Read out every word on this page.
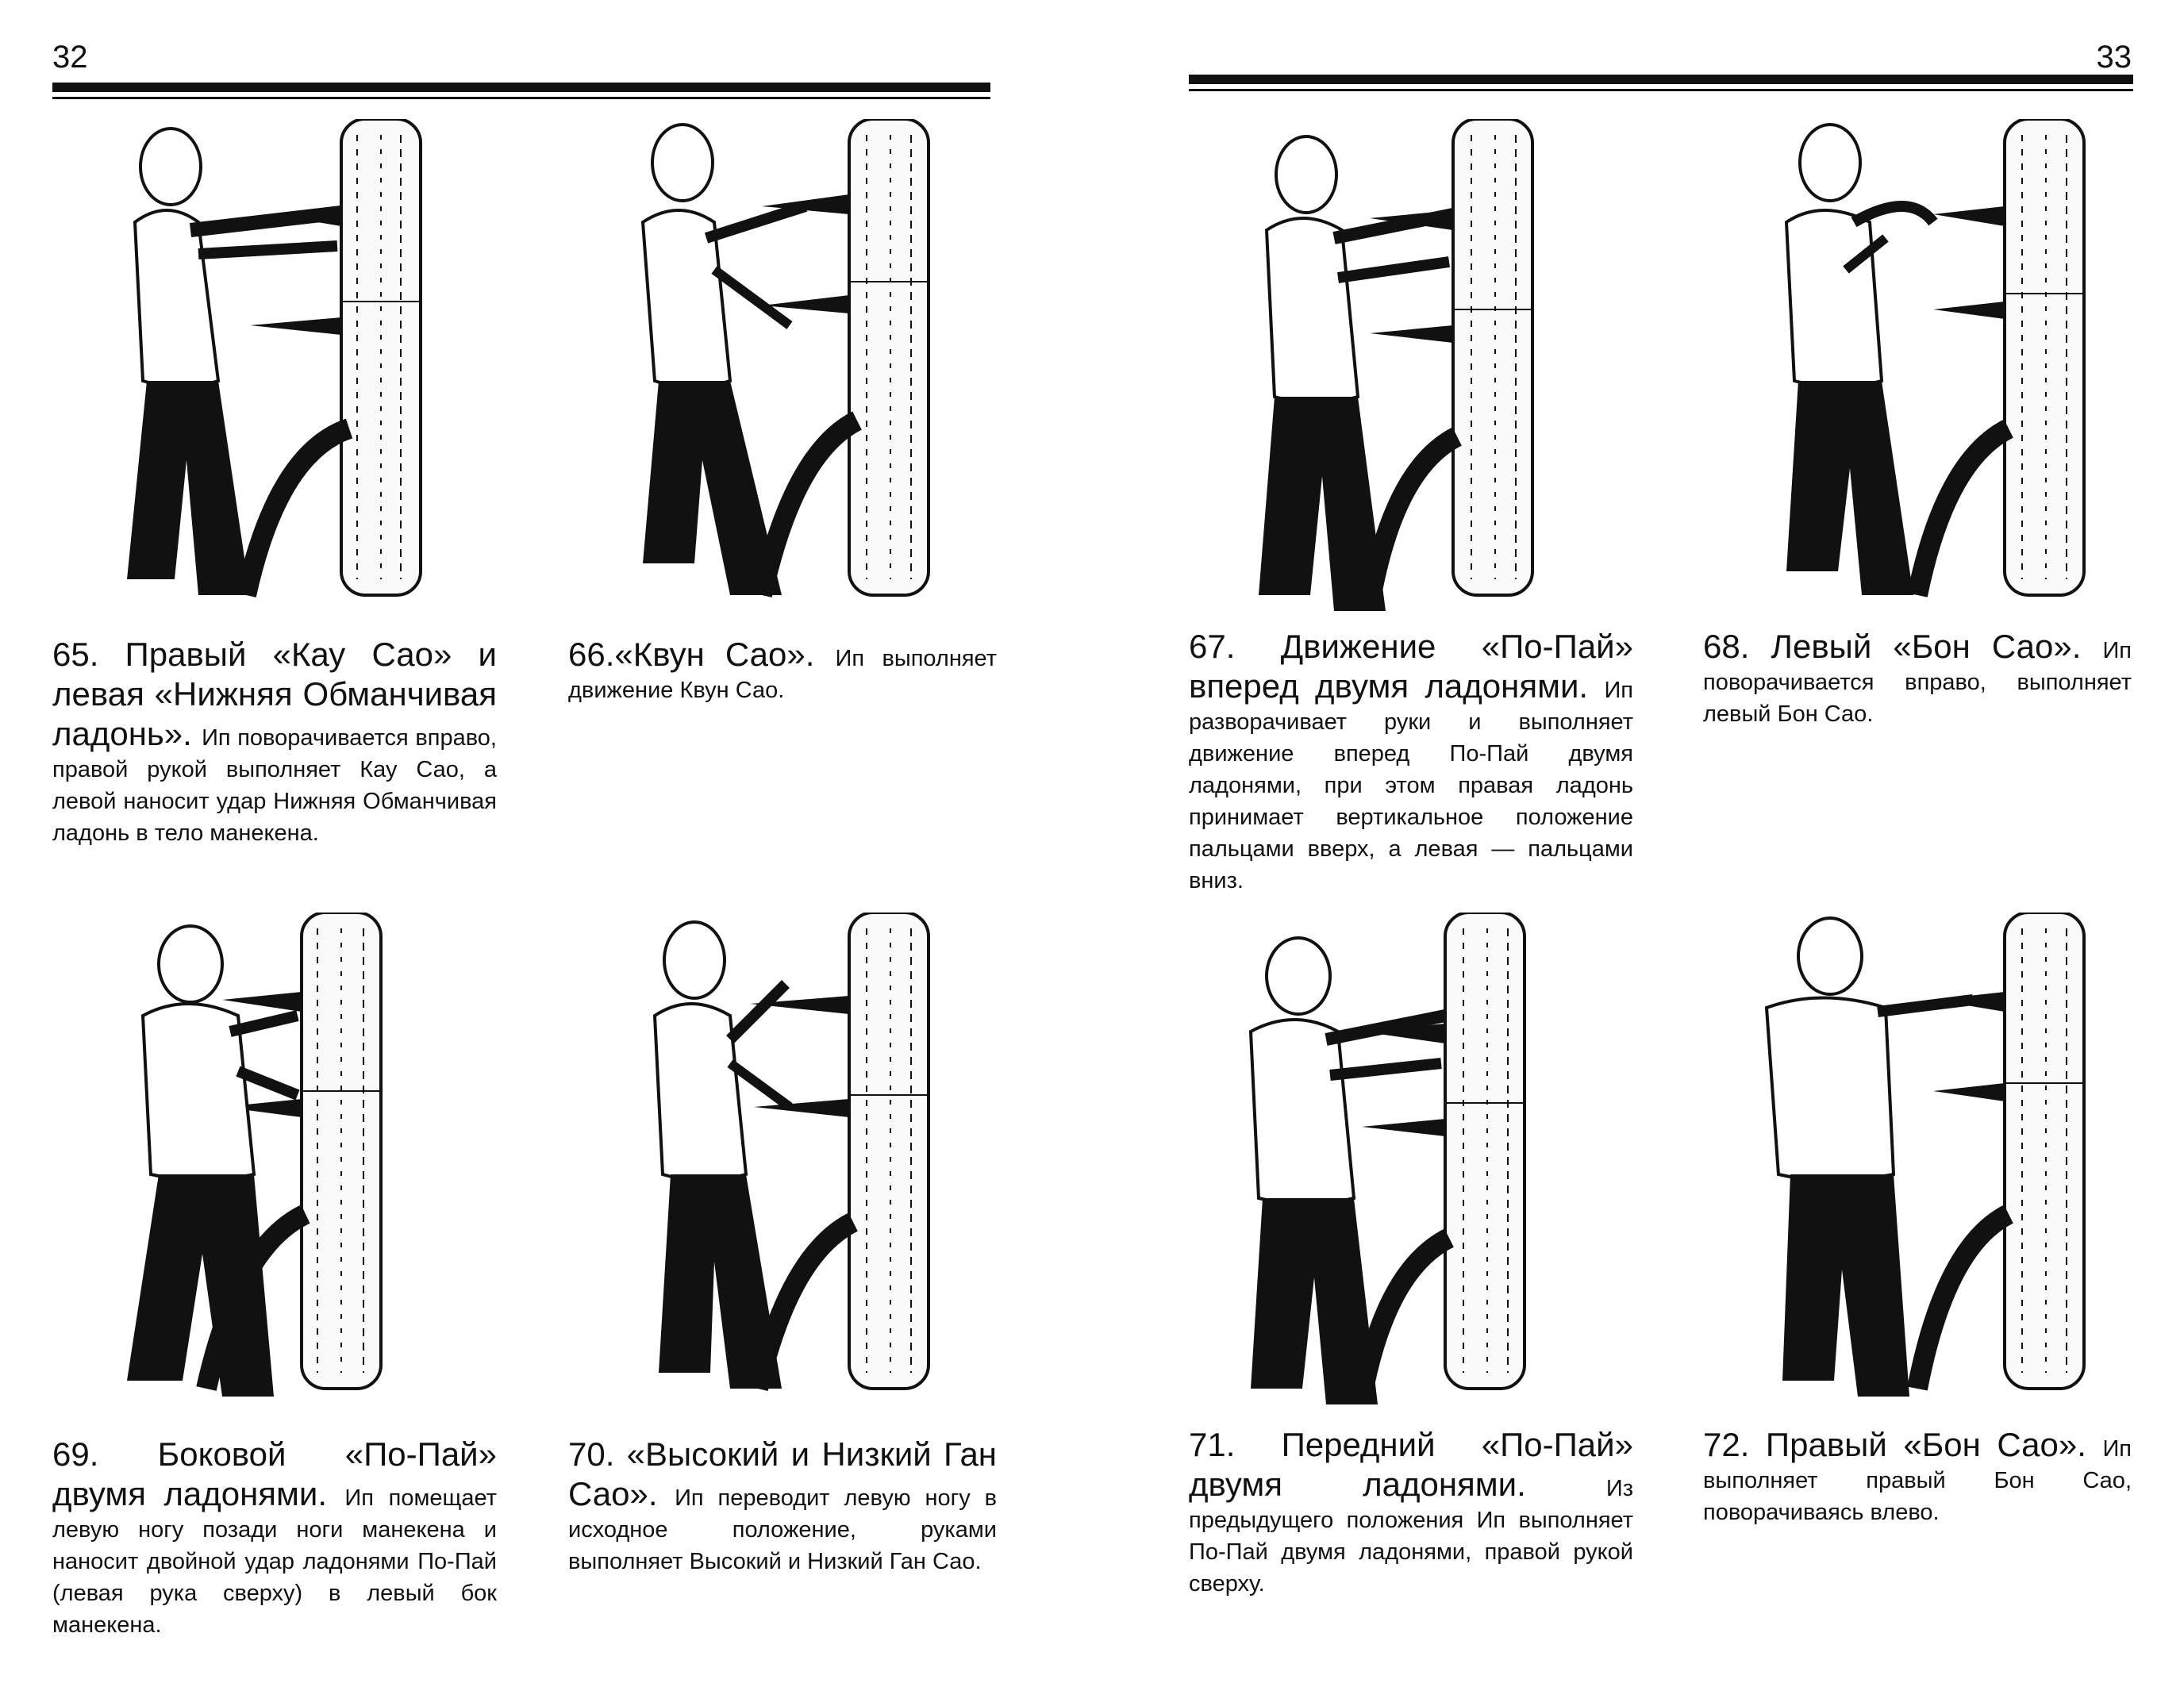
32
65. Правый «Кау Сао» и левая «Нижняя Обманчивая ладонь». Ип поворачивается вправо, правой рукой выполняет Кау Сао, а левой наносит удар Нижняя Обманчивая ладонь в тело манекена.
66.«Квун Сао». Ип выполняет движение Квун Сао.
69. Боковой «По-Пай» двумя ладонями. Ип помещает левую ногу позади ноги манекена и наносит двойной удар ладонями По-Пай (левая рука сверху) в левый бок манекена.
70. «Высокий и Низкий Ган Сао». Ип переводит левую ногу в исходное положение, руками выполняет Высокий и Низкий Ган Сао.
33
67. Движение «По-Пай» вперед двумя ладонями. Ип разворачивает руки и выполняет движение вперед По-Пай двумя ладонями, при этом правая ладонь принимает вертикальное положение пальцами вверх, а левая — пальцами вниз.
68. Левый «Бон Сао». Ип поворачивается вправо, выполняет левый Бон Сао.
71. Передний «По-Пай» двумя ладонями. Из предыдущего положения Ип выполняет По-Пай двумя ладонями, правой рукой сверху.
72. Правый «Бон Сао». Ип выполняет правый Бон Сао, поворачиваясь влево.
